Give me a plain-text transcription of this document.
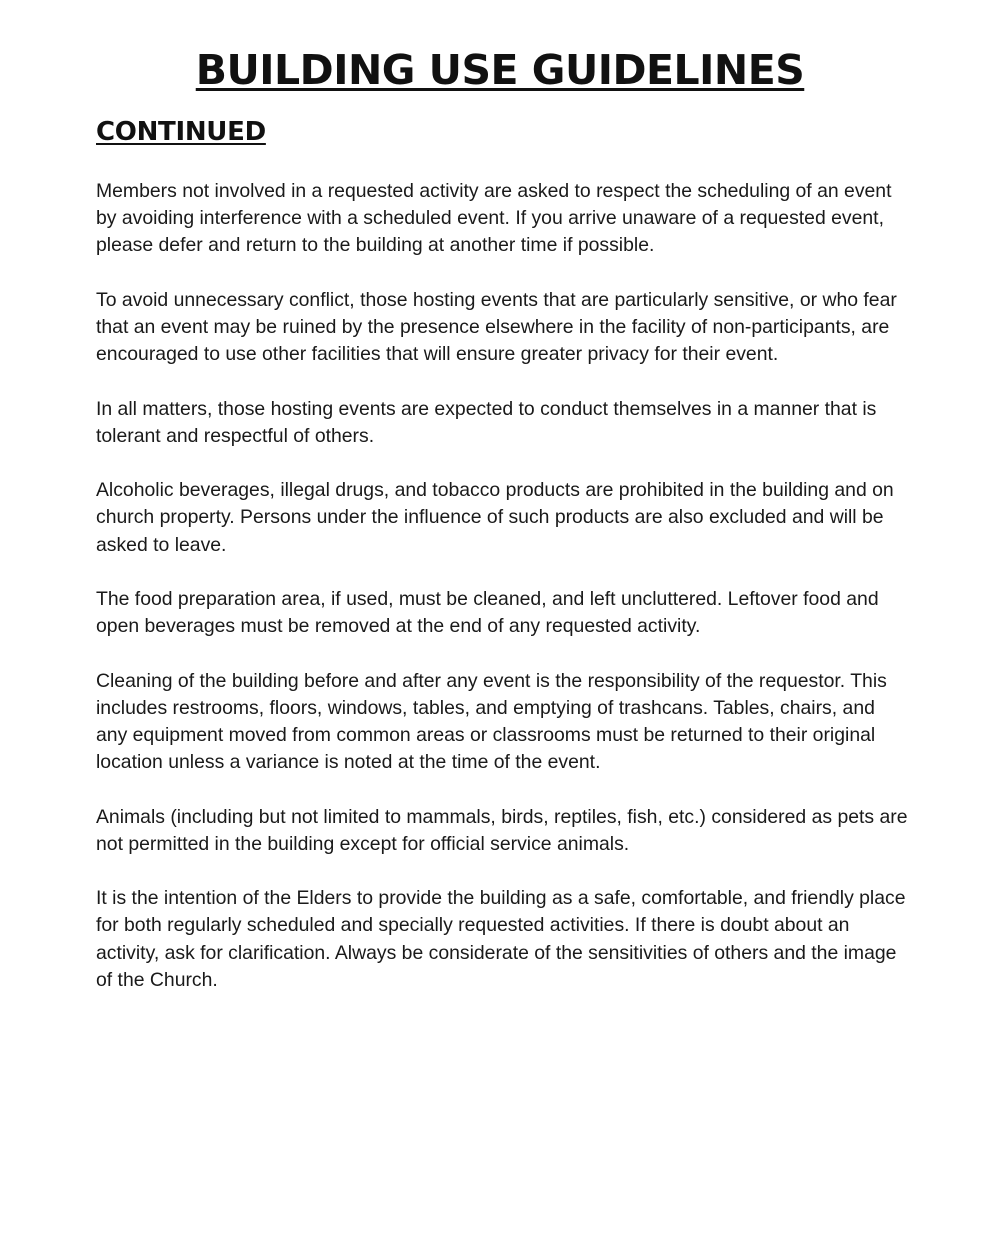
BUILDING USE GUIDELINES
CONTINUED

Members not involved in a requested activity are asked to respect the scheduling of an event by avoiding interference with a scheduled event. If you arrive unaware of a requested event, please defer and return to the building at another time if possible.

To avoid unnecessary conflict, those hosting events that are particularly sensitive, or who fear that an event may be ruined by the presence elsewhere in the facility of non-participants, are encouraged to use other facilities that will ensure greater privacy for their event.

In all matters, those hosting events are expected to conduct themselves in a manner that is tolerant and respectful of others.

Alcoholic beverages, illegal drugs, and tobacco products are prohibited in the building and on church property. Persons under the influence of such products are also excluded and will be asked to leave.

The food preparation area, if used, must be cleaned, and left uncluttered. Leftover food and open beverages must be removed at the end of any requested activity.

Cleaning of the building before and after any event is the responsibility of the requestor. This includes restrooms, floors, windows, tables, and emptying of trashcans. Tables, chairs, and any equipment moved from common areas or classrooms must be returned to their original location unless a variance is noted at the time of the event.

Animals (including but not limited to mammals, birds, reptiles, fish, etc.) considered as pets are not permitted in the building except for official service animals.

It is the intention of the Elders to provide the building as a safe, comfortable, and friendly place for both regularly scheduled and specially requested activities. If there is doubt about an activity, ask for clarification. Always be considerate of the sensitivities of others and the image of the Church.
